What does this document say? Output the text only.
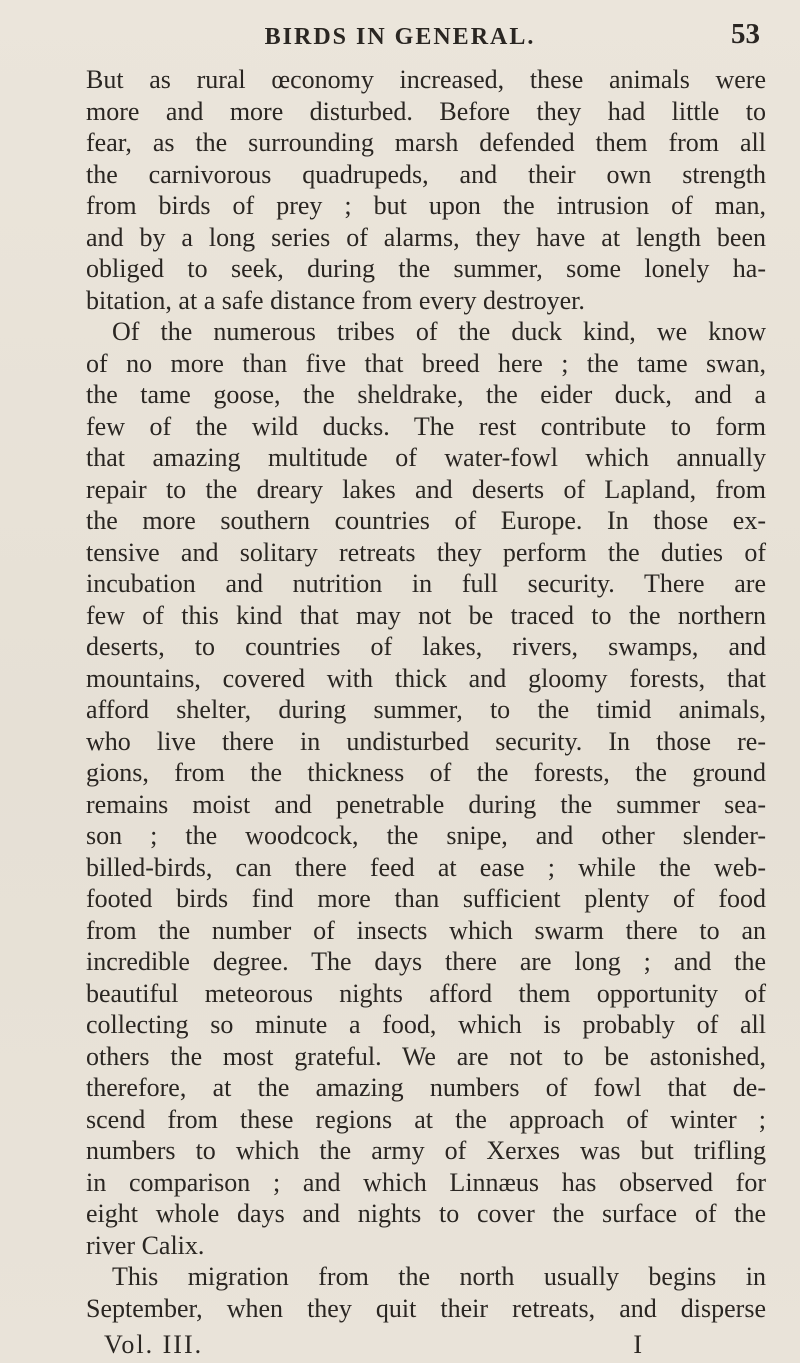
BIRDS IN GENERAL.	53
But as rural œconomy increased, these animals were
more and more disturbed. Before they had little to
fear, as the surrounding marsh defended them from all
the carnivorous quadrupeds, and their own strength
from birds of prey ; but upon the intrusion of man,
and by a long series of alarms, they have at length been
obliged to seek, during the summer, some lonely ha-
bitation, at a safe distance from every destroyer.
Of the numerous tribes of the duck kind, we know
of no more than five that breed here ; the tame swan,
the tame goose, the sheldrake, the eider duck, and a
few of the wild ducks. The rest contribute to form
that amazing multitude of water-fowl which annually
repair to the dreary lakes and deserts of Lapland, from
the more southern countries of Europe. In those ex-
tensive and solitary retreats they perform the duties of
incubation and nutrition in full security. There are
few of this kind that may not be traced to the northern
deserts, to countries of lakes, rivers, swamps, and
mountains, covered with thick and gloomy forests, that
afford shelter, during summer, to the timid animals,
who live there in undisturbed security. In those re-
gions, from the thickness of the forests, the ground
remains moist and penetrable during the summer sea-
son ; the woodcock, the snipe, and other slender-
billed-birds, can there feed at ease ; while the web-
footed birds find more than sufficient plenty of food
from the number of insects which swarm there to an
incredible degree. The days there are long ; and the
beautiful meteorous nights afford them opportunity of
collecting so minute a food, which is probably of all
others the most grateful. We are not to be astonished,
therefore, at the amazing numbers of fowl that de-
scend from these regions at the approach of winter ;
numbers to which the army of Xerxes was but trifling
in comparison ; and which Linnæus has observed for
eight whole days and nights to cover the surface of the
river Calix.
This migration from the north usually begins in
September, when they quit their retreats, and disperse
Vol. III.	I
